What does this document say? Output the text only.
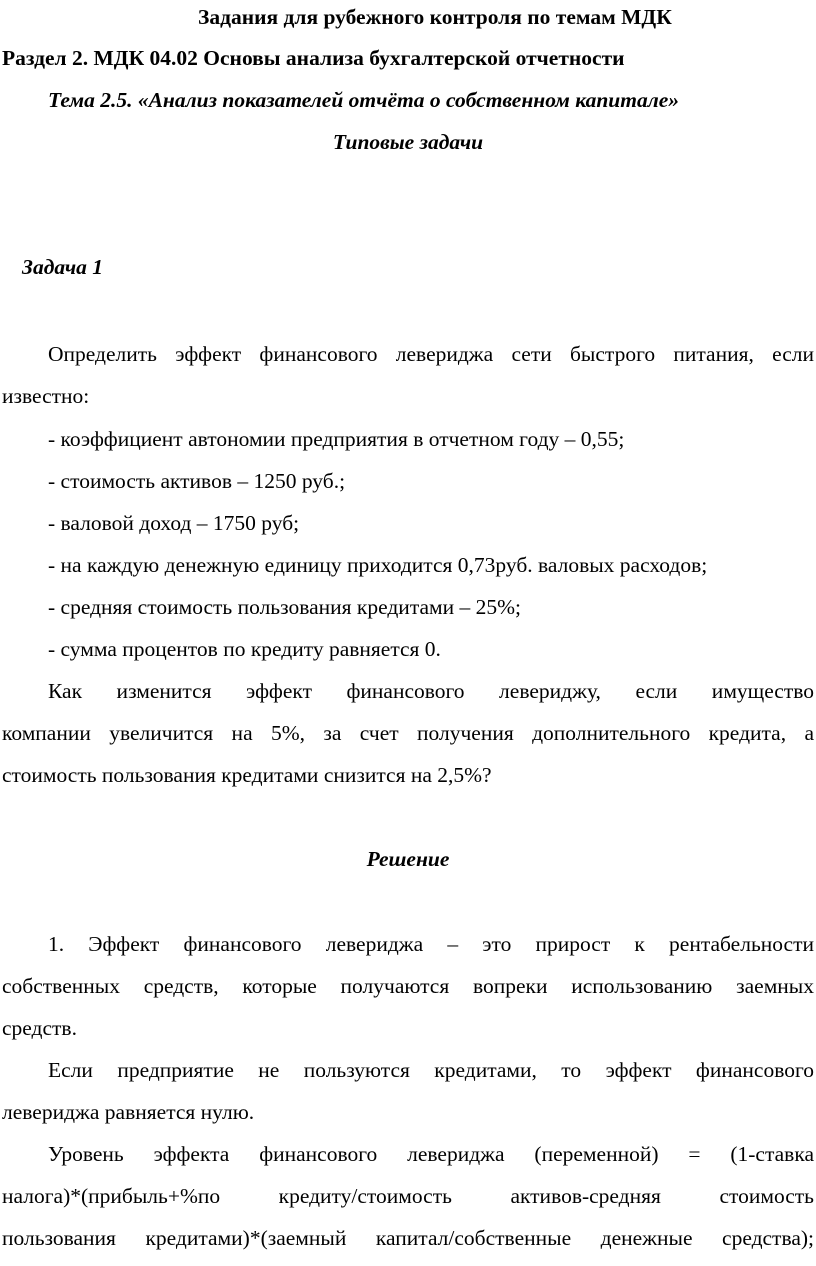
Задания для рубежного контроля по темам МДК
Раздел 2. МДК 04.02 Основы анализа бухгалтерской отчетности
Тема 2.5. «Анализ показателей отчёта о собственном капитале»
Типовые задачи
Задача 1
Определить эффект финансового левериджа сети быстрого питания, если
известно:
- коэффициент автономии предприятия в отчетном году – 0,55;
- стоимость активов – 1250 руб.;
- валовой доход – 1750 руб;
- на каждую денежную единицу приходится 0,73руб. валовых расходов;
- средняя стоимость пользования кредитами – 25%;
- сумма процентов по кредиту равняется 0.
Как изменится эффект финансового левериджу, если имущество
компании увеличится на 5%, за счет получения дополнительного кредита, а
стоимость пользования кредитами снизится на 2,5%?
Решение
1. Эффект финансового левериджа – это прирост к рентабельности
собственных средств, которые получаются вопреки использованию заемных
средств.
Если предприятие не пользуются кредитами, то эффект финансового
левериджа равняется нулю.
Уровень эффекта финансового левериджа (переменной) = (1-ставка
налога)*(прибыль+%по кредиту/стоимость активов-средняя стоимость
пользования кредитами)*(заемный капитал/собственные денежные средства);
